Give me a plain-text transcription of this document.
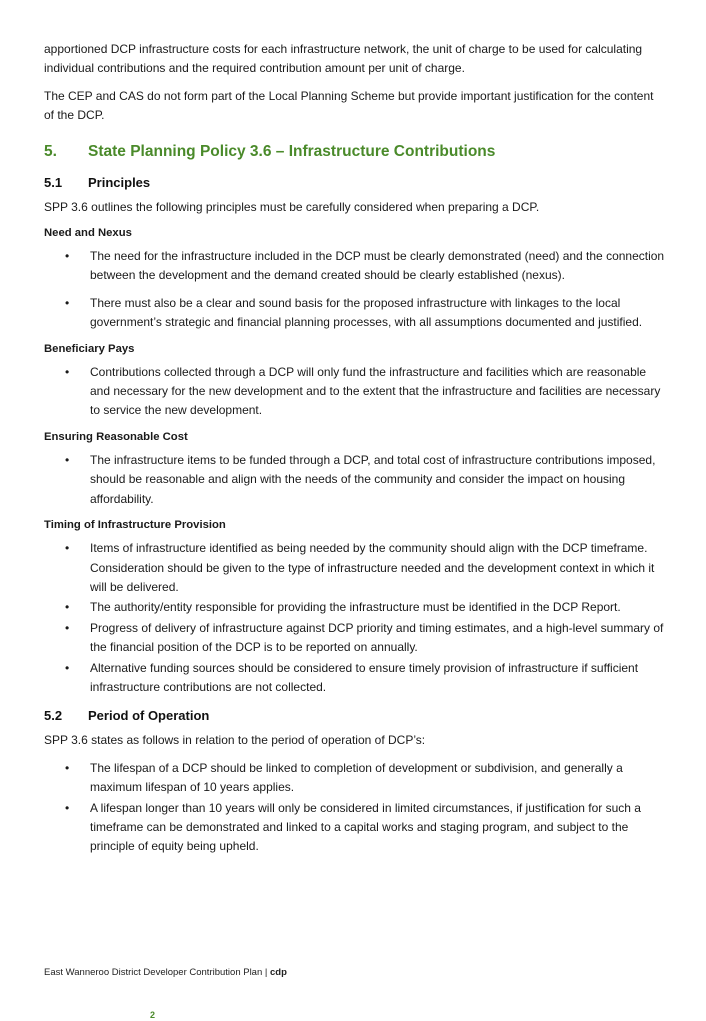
apportioned DCP infrastructure costs for each infrastructure network, the unit of charge to be used for calculating individual contributions and the required contribution amount per unit of charge.

The CEP and CAS do not form part of the Local Planning Scheme but provide important justification for the content of the DCP.

5.	State Planning Policy 3.6 – Infrastructure Contributions
5.1	Principles

SPP 3.6 outlines the following principles must be carefully considered when preparing a DCP.

Need and Nexus
• The need for the infrastructure included in the DCP must be clearly demonstrated (need) and the connection between the development and the demand created should be clearly established (nexus).
• There must also be a clear and sound basis for the proposed infrastructure with linkages to the local government’s strategic and financial planning processes, with all assumptions documented and justified.
Beneficiary Pays
• Contributions collected through a DCP will only fund the infrastructure and facilities which are reasonable and necessary for the new development and to the extent that the infrastructure and facilities are necessary to service the new development.
Ensuring Reasonable Cost
• The infrastructure items to be funded through a DCP, and total cost of infrastructure contributions imposed, should be reasonable and align with the needs of the community and consider the impact on housing affordability.
Timing of Infrastructure Provision
• Items of infrastructure identified as being needed by the community should align with the DCP timeframe. Consideration should be given to the type of infrastructure needed and the development context in which it will be delivered.
• The authority/entity responsible for providing the infrastructure must be identified in the DCP Report.
• Progress of delivery of infrastructure against DCP priority and timing estimates, and a high-level summary of the financial position of the DCP is to be reported on annually.
• Alternative funding sources should be considered to ensure timely provision of infrastructure if sufficient infrastructure contributions are not collected.
5.2	Period of Operation

SPP 3.6 states as follows in relation to the period of operation of DCP’s:

• The lifespan of a DCP should be linked to completion of development or subdivision, and generally a maximum lifespan of 10 years applies.
• A lifespan longer than 10 years will only be considered in limited circumstances, if justification for such a timeframe can be demonstrated and linked to a capital works and staging program, and subject to the principle of equity being upheld.
East Wanneroo District Developer Contribution Plan | cdp
2
